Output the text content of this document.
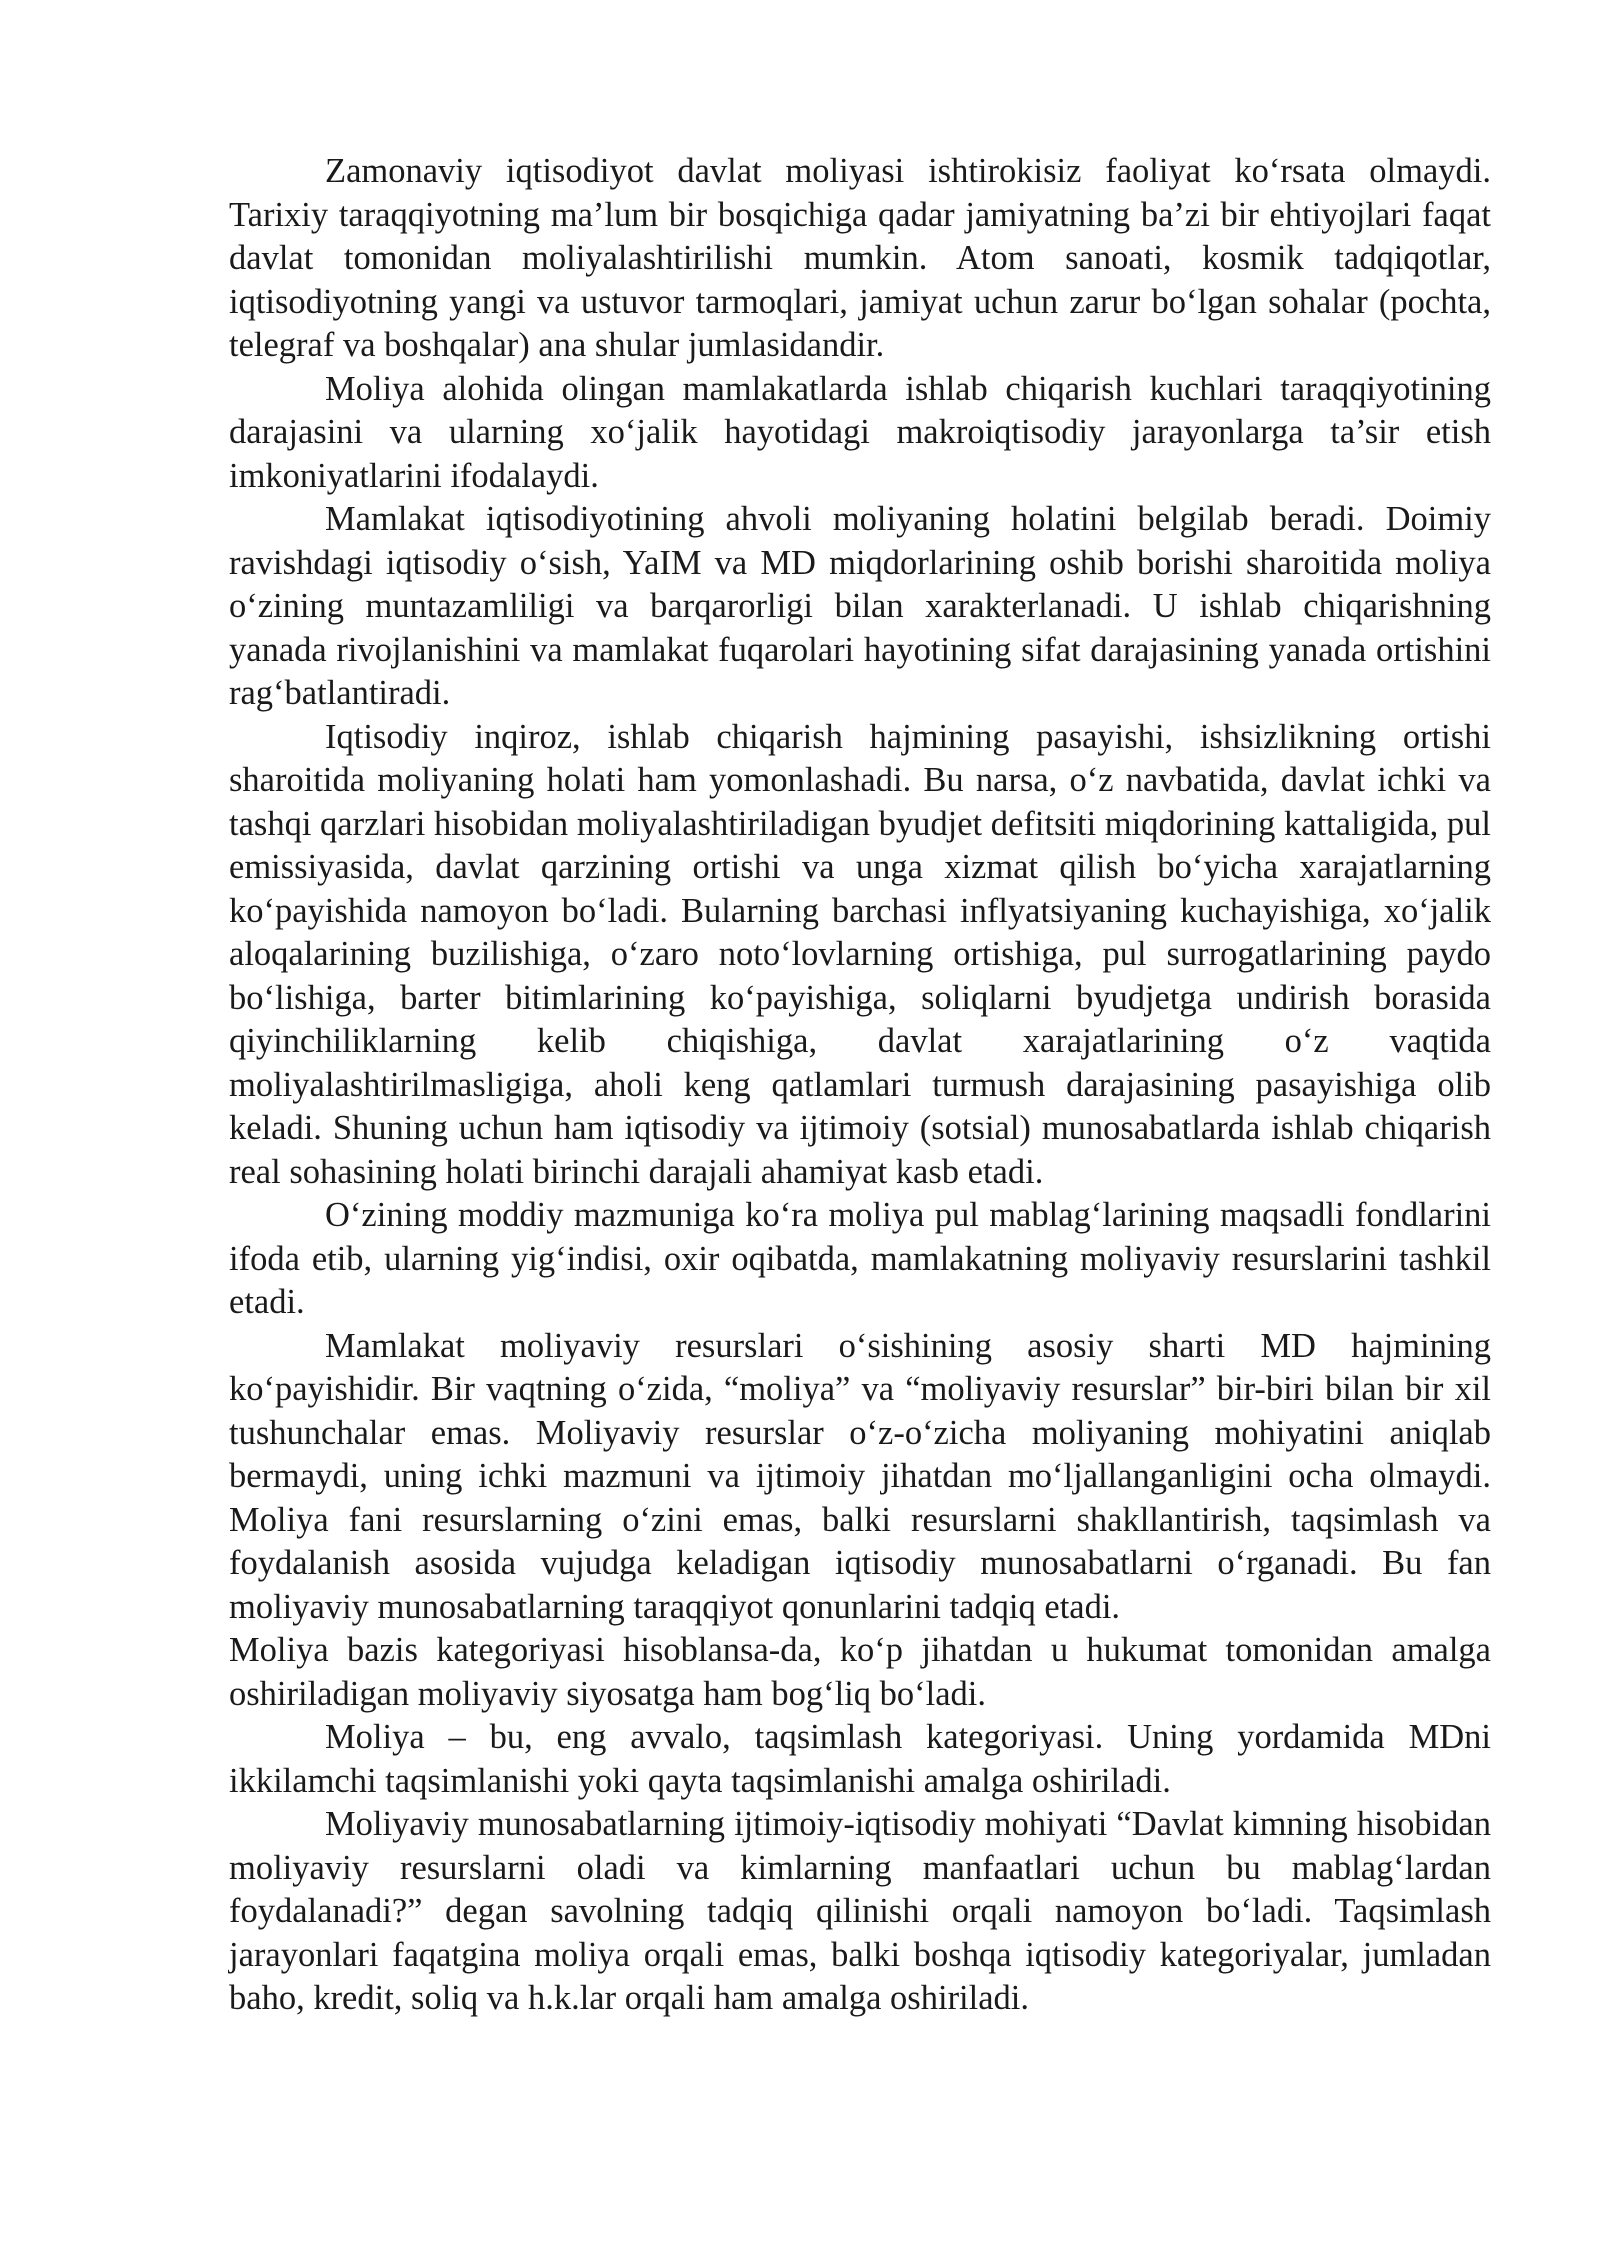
Zamonaviy iqtisodiyot davlat moliyasi ishtirokisiz faoliyat ko‘rsata olmaydi. Tarixiy taraqqiyotning ma’lum bir bosqichiga qadar jamiyatning ba’zi bir ehtiyojlari faqat davlat tomonidan moliyalashtirilishi mumkin. Atom sanoati, kosmik tadqiqotlar, iqtisodiyotning yangi va ustuvor tarmoqlari, jamiyat uchun zarur bo‘lgan sohalar (pochta, telegraf va boshqalar) ana shular jumlasidandir.

Moliya alohida olingan mamlakatlarda ishlab chiqarish kuchlari taraqqiyotining darajasini va ularning xo‘jalik hayotidagi makroiqtisodiy jarayonlarga ta’sir etish imkoniyatlarini ifodalaydi.

Mamlakat iqtisodiyotining ahvoli moliyaning holatini belgilab beradi. Doimiy ravishdagi iqtisodiy o‘sish, YaIM va MD miqdorlarining oshib borishi sharoitida moliya o‘zining muntazamliligi va barqarorligi bilan xarakterlanadi. U ishlab chiqarishning yanada rivojlanishini va mamlakat fuqarolari hayotining sifat darajasining yanada ortishini rag‘batlantiradi.

Iqtisodiy inqiroz, ishlab chiqarish hajmining pasayishi, ishsizlikning ortishi sharoitida moliyaning holati ham yomonlashadi. Bu narsa, o‘z navbatida, davlat ichki va tashqi qarzlari hisobidan moliyalashtiriladigan byudjet defitsiti miqdorining kattaligida, pul emissiyasida, davlat qarzining ortishi va unga xizmat qilish bo‘yicha xarajatlarning ko‘payishida namoyon bo‘ladi. Bularning barchasi inflyatsiyaning kuchayishiga, xo‘jalik aloqalarining buzilishiga, o‘zaro noto‘lovlarning ortishiga, pul surrogatlarining paydo bo‘lishiga, barter bitimlarining ko‘payishiga, soliqlarni byudjetga undirish borasida qiyinchiliklarning kelib chiqishiga, davlat xarajatlarining o‘z vaqtida moliyalashtirilmasligiga, aholi keng qatlamlari turmush darajasining pasayishiga olib keladi. Shuning uchun ham iqtisodiy va ijtimoiy (sotsial) munosabatlarda ishlab chiqarish real sohasining holati birinchi darajali ahamiyat kasb etadi.

O‘zining moddiy mazmuniga ko‘ra moliya pul mablag‘larining maqsadli fondlarini ifoda etib, ularning yig‘indisi, oxir oqibatda, mamlakatning moliyaviy resurslarini tashkil etadi.

Mamlakat moliyaviy resurslari o‘sishining asosiy sharti MD hajmining ko‘payishidir. Bir vaqtning o‘zida, “moliya” va “moliyaviy resurslar” bir-biri bilan bir xil tushunchalar emas. Moliyaviy resurslar o‘z-o‘zicha moliyaning mohiyatini aniqlab bermaydi, uning ichki mazmuni va ijtimoiy jihatdan mo‘ljallanganligini ocha olmaydi. Moliya fani resurslarning o‘zini emas, balki resurslarni shakllantirish, taqsimlash va foydalanish asosida vujudga keladigan iqtisodiy munosabatlarni o‘rganadi. Bu fan moliyaviy munosabatlarning taraqqiyot qonunlarini tadqiq etadi.

Moliya bazis kategoriyasi hisoblansa-da, ko‘p jihatdan u hukumat tomonidan amalga oshiriladigan moliyaviy siyosatga ham bog‘liq bo‘ladi.

Moliya – bu, eng avvalo, taqsimlash kategoriyasi. Uning yordamida MDni ikkilamchi taqsimlanishi yoki qayta taqsimlanishi amalga oshiriladi.

Moliyaviy munosabatlarning ijtimoiy-iqtisodiy mohiyati “Davlat kimning hisobidan moliyaviy resurslarni oladi va kimlarning manfaatlari uchun bu mablag‘lardan foydalanadi?” degan savolning tadqiq qilinishi orqali namoyon bo‘ladi. Taqsimlash jarayonlari faqatgina moliya orqali emas, balki boshqa iqtisodiy kategoriyalar, jumladan baho, kredit, soliq va h.k.lar orqali ham amalga oshiriladi.
